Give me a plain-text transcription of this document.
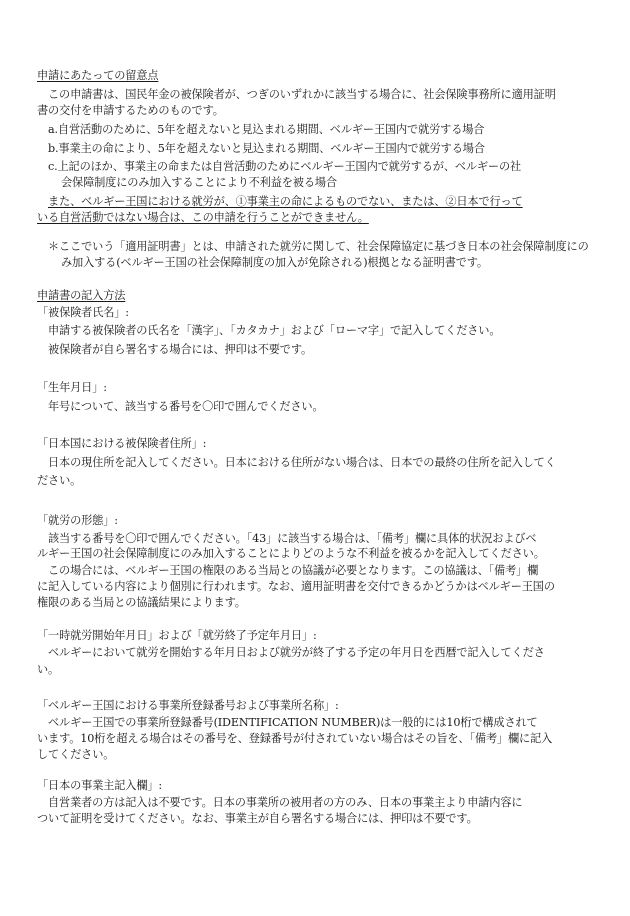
申請にあたっての留意点
この申請書は、国民年金の被保険者が、つぎのいずれかに該当する場合に、社会保険事務所に適用証明
書の交付を申請するためのものです。
a.自営活動のために、5年を超えないと見込まれる期間、ベルギー王国内で就労する場合
b.事業主の命により、5年を超えないと見込まれる期間、ベルギー王国内で就労する場合
c.上記のほか、事業主の命または自営活動のためにベルギー王国内で就労するが、ベルギーの社
会保障制度にのみ加入することにより不利益を被る場合
また、ベルギー王国における就労が、①事業主の命によるものでない、または、②日本で行って
いる自営活動ではない場合は、この申請を行うことができません。
＊ここでいう「適用証明書」とは、申請された就労に関して、社会保障協定に基づき日本の社会保障制度にの
み加入する(ベルギー王国の社会保障制度の加入が免除される)根拠となる証明書です。
申請書の記入方法
「被保険者氏名」:
申請する被保険者の氏名を「漢字」、「カタカナ」および「ローマ字」で記入してください。
被保険者が自ら署名する場合には、押印は不要です。
「生年月日」:
年号について、該当する番号を〇印で囲んでください。
「日本国における被保険者住所」:
日本の現住所を記入してください。日本における住所がない場合は、日本での最終の住所を記入してく
ださい。
「就労の形態」:
該当する番号を〇印で囲んでください。「43」に該当する場合は、「備考」欄に具体的状況およびベ
ルギー王国の社会保障制度にのみ加入することによりどのような不利益を被るかを記入してください。
この場合には、ベルギー王国の権限のある当局との協議が必要となります。この協議は、「備考」欄
に記入している内容により個別に行われます。なお、適用証明書を交付できるかどうかはベルギー王国の
権限のある当局との協議結果によります。
「一時就労開始年月日」および「就労終了予定年月日」:
ベルギーにおいて就労を開始する年月日および就労が終了する予定の年月日を西暦で記入してくださ
い。
「ベルギー王国における事業所登録番号および事業所名称」:
ベルギー王国での事業所登録番号(IDENTIFICATION NUMBER)は一般的には10桁で構成されて
います。10桁を超える場合はその番号を、登録番号が付されていない場合はその旨を、「備考」欄に記入
してください。
「日本の事業主記入欄」:
自営業者の方は記入は不要です。日本の事業所の被用者の方のみ、日本の事業主より申請内容に
ついて証明を受けてください。なお、事業主が自ら署名する場合には、押印は不要です。
